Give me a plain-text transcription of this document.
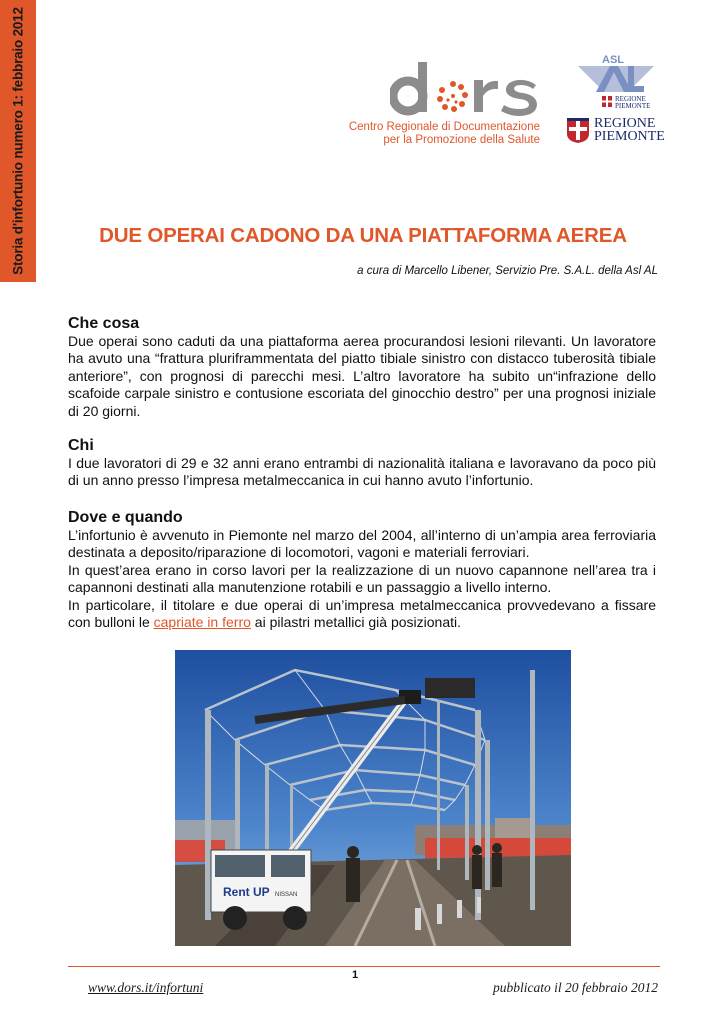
Storia d'infortunio numero 1: febbraio 2012	Centro Regionale di Documentazione
per la Promozione della Salute
ASL
REGIONE
PIEMONTE
REGIONE
PIEMONTE
DUE OPERAI CADONO DA UNA PIATTAFORMA AEREA
a cura di Marcello Libener, Servizio Pre. S.A.L. della Asl AL
Che cosa

Due operai sono caduti da una piattaforma aerea procurandosi lesioni rilevanti. Un lavoratore ha avuto una “frattura pluriframmentata del piatto tibiale sinistro con distacco tuberosità tibiale anteriore”, con prognosi di parecchi mesi. L’altro lavoratore ha subito un“infrazione dello scafoide carpale sinistro e contusione escoriata del ginocchio destro” per una prognosi iniziale di 20 giorni.

Chi

I due lavoratori di 29 e 32 anni erano entrambi di nazionalità italiana e lavoravano da poco più di un anno presso l’impresa metalmeccanica in cui hanno avuto l’infortunio.

Dove e quando

L’infortunio è avvenuto in Piemonte nel marzo del 2004, all’interno di un’ampia area ferroviaria destinata a deposito/riparazione di locomotori, vagoni e materiali ferroviari.

In quest’area erano in corso lavori per la realizzazione di un nuovo capannone nell’area tra i capannoni destinati alla manutenzione rotabili e un passaggio a livello interno.

In particolare, il titolare e due operai di un’impresa metalmeccanica provvedevano a fissare con bulloni le capriate in ferro ai pilastri metallici già posizionati.

Rent UP NISSAN
1
www.dors.it/infortuni	pubblicato il 20 febbraio 2012
